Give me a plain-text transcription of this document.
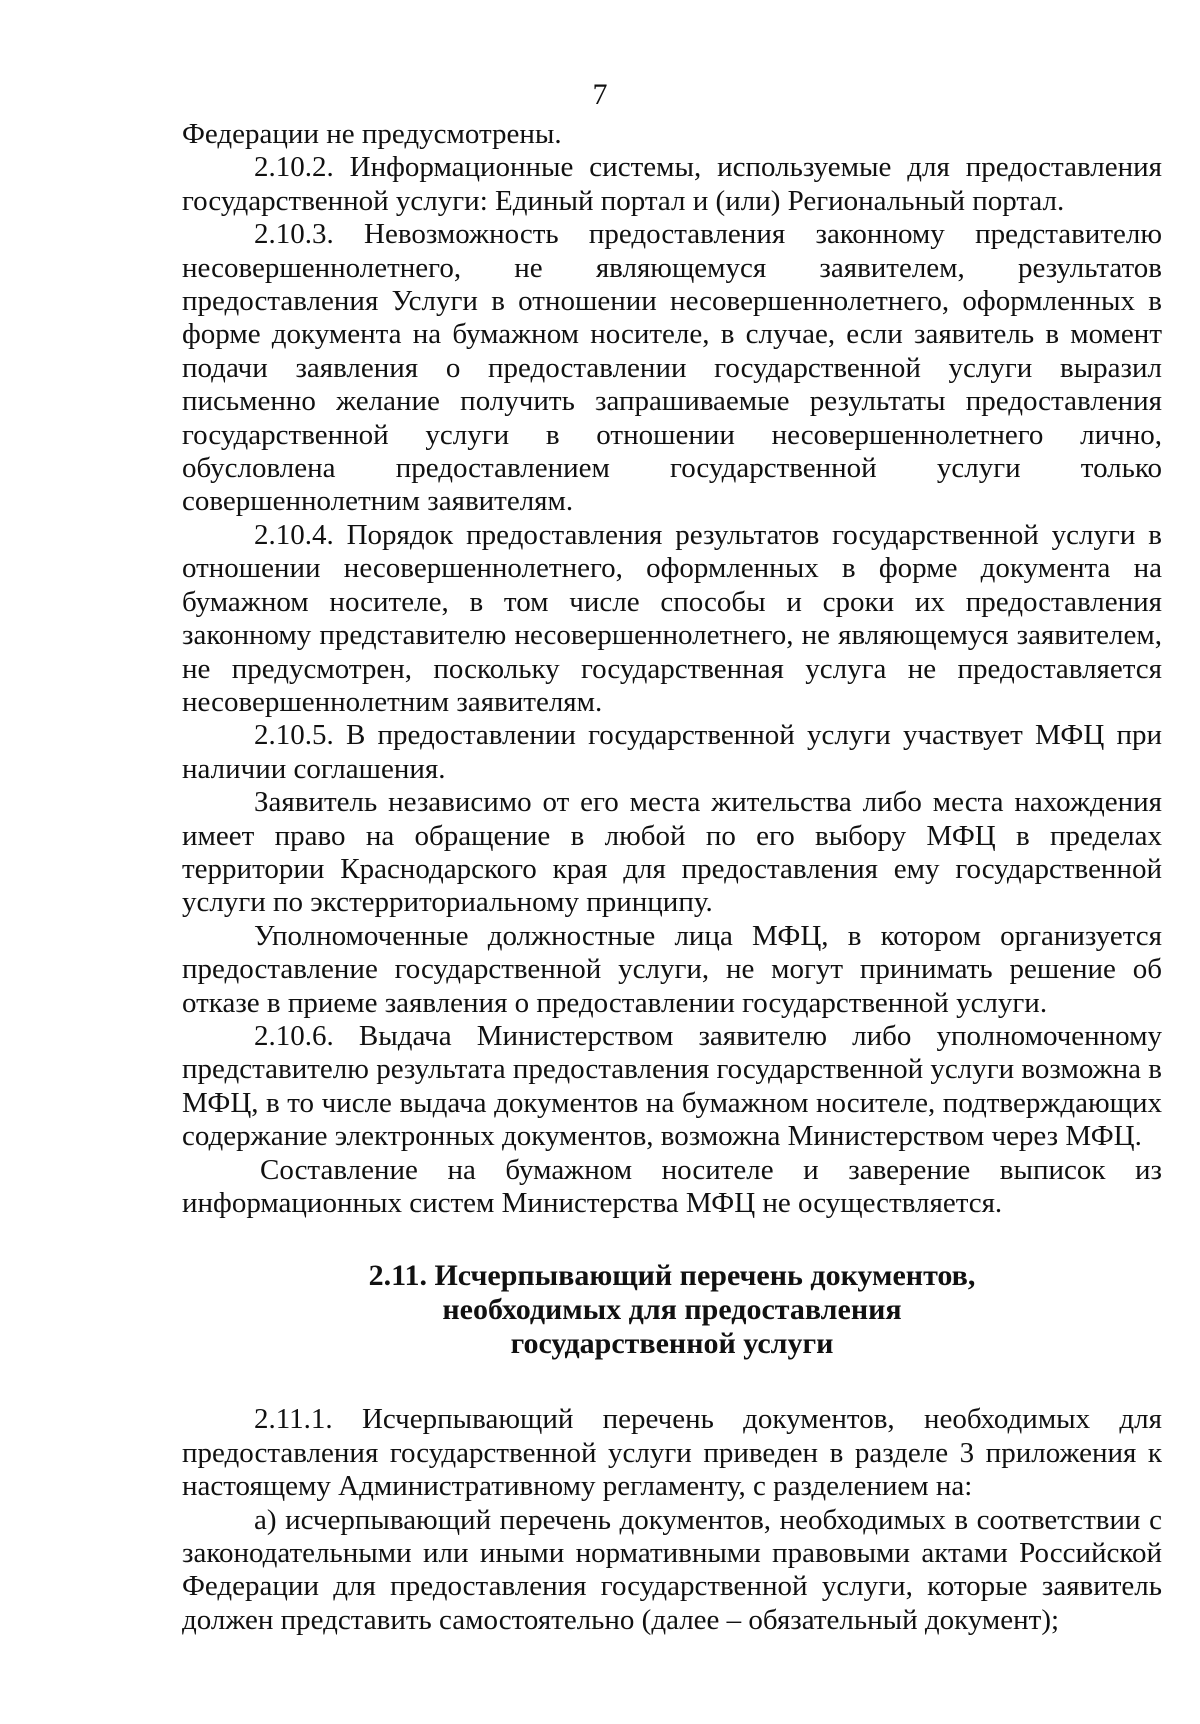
7

Федерации не предусмотрены.

2.10.2. Информационные системы, используемые для предоставления государственной услуги: Единый портал и (или) Региональный портал.

2.10.3. Невозможность предоставления законному представителю несовершеннолетнего, не являющемуся заявителем, результатов предоставления Услуги в отношении несовершеннолетнего, оформленных в форме документа на бумажном носителе, в случае, если заявитель в момент подачи заявления о предоставлении государственной услуги выразил письменно желание получить запрашиваемые результаты предоставления государственной услуги в отношении несовершеннолетнего лично, обусловлена предоставлением государственной услуги только совершеннолетним заявителям.

2.10.4. Порядок предоставления результатов государственной услуги в отношении несовершеннолетнего, оформленных в форме документа на бумажном носителе, в том числе способы и сроки их предоставления законному представителю несовершеннолетнего, не являющемуся заявителем, не предусмотрен, поскольку государственная услуга не предоставляется несовершеннолетним заявителям.

2.10.5. В предоставлении государственной услуги участвует МФЦ при наличии соглашения.

Заявитель независимо от его места жительства либо места нахождения имеет право на обращение в любой по его выбору МФЦ в пределах территории Краснодарского края для предоставления ему государственной услуги по экстерриториальному принципу.

Уполномоченные должностные лица МФЦ, в котором организуется предоставление государственной услуги, не могут принимать решение об отказе в приеме заявления о предоставлении государственной услуги.

2.10.6. Выдача Министерством заявителю либо уполномоченному представителю результата предоставления государственной услуги возможна в МФЦ, в то числе выдача документов на бумажном носителе, подтверждающих содержание электронных документов, возможна Министерством через МФЦ.

Составление на бумажном носителе и заверение выписок из информационных систем Министерства МФЦ не осуществляется.

2.11. Исчерпывающий перечень документов,
необходимых для предоставления
государственной услуги

2.11.1. Исчерпывающий перечень документов, необходимых для предоставления государственной услуги приведен в разделе 3 приложения к настоящему Административному регламенту, с разделением на:

а) исчерпывающий перечень документов, необходимых в соответствии с законодательными или иными нормативными правовыми актами Российской Федерации для предоставления государственной услуги, которые заявитель должен представить самостоятельно (далее – обязательный документ);
